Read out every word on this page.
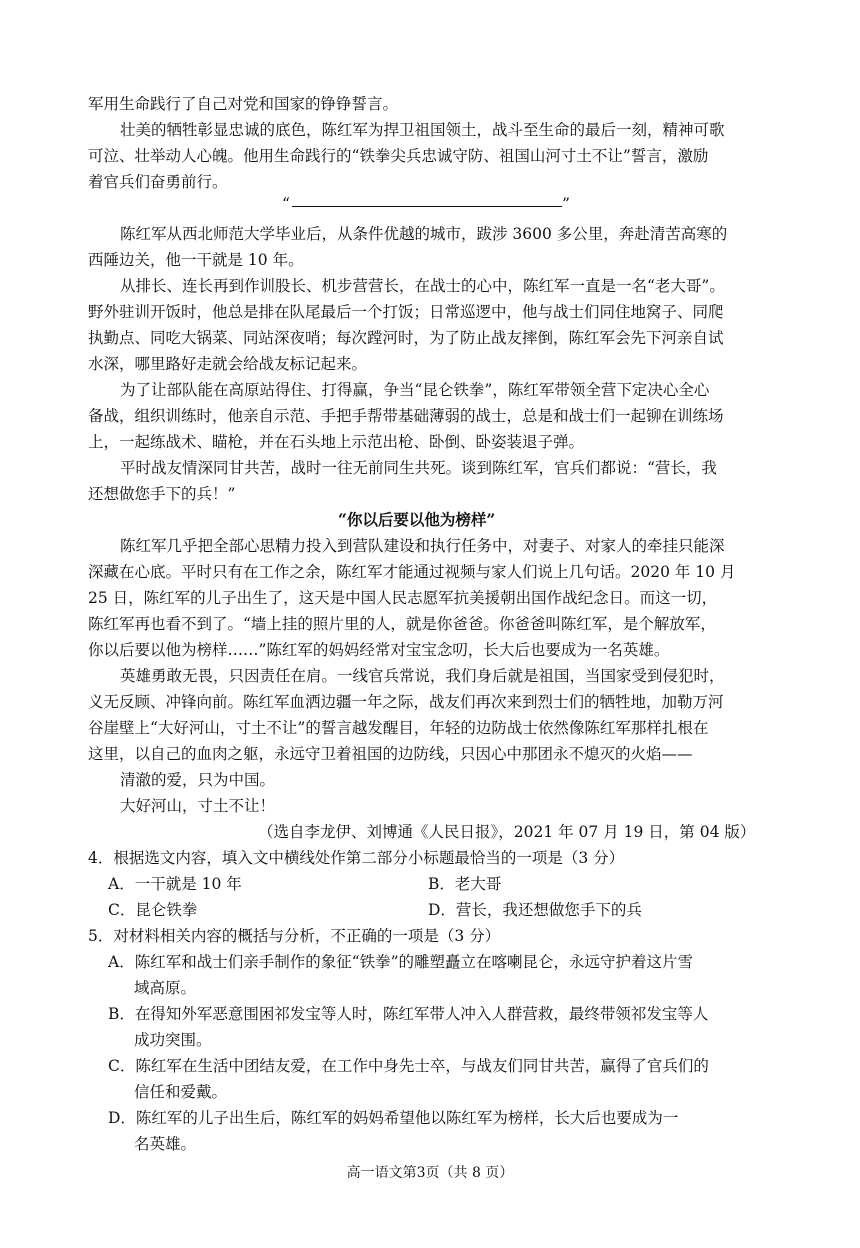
军用生命践行了自己对党和国家的铮铮誓言。
壮美的牺牲彰显忠诚的底色，陈红军为捍卫祖国领土，战斗至生命的最后一刻，精神可歌
可泣、壮举动人心魄。他用生命践行的“铁拳尖兵忠诚守防、祖国山河寸土不让”誓言，激励
着官兵们奋勇前行。
“	”
陈红军从西北师范大学毕业后，从条件优越的城市，跋涉 3600 多公里，奔赴清苦高寒的
西陲边关，他一干就是 10 年。
从排长、连长再到作训股长、机步营营长，在战士的心中，陈红军一直是一名“老大哥”。
野外驻训开饭时，他总是排在队尾最后一个打饭；日常巡逻中，他与战士们同住地窝子、同爬
执勤点、同吃大锅菜、同站深夜哨；每次蹚河时，为了防止战友摔倒，陈红军会先下河亲自试
水深，哪里路好走就会给战友标记起来。
为了让部队能在高原站得住、打得赢，争当“昆仑铁拳”，陈红军带领全营下定决心全心
备战，组织训练时，他亲自示范、手把手帮带基础薄弱的战士，总是和战士们一起铆在训练场
上，一起练战术、瞄枪，并在石头地上示范出枪、卧倒、卧姿装退子弹。
平时战友情深同甘共苦，战时一往无前同生共死。谈到陈红军，官兵们都说：“营长，我
还想做您手下的兵！”
“你以后要以他为榜样”
陈红军几乎把全部心思精力投入到营队建设和执行任务中，对妻子、对家人的牵挂只能深
深藏在心底。平时只有在工作之余，陈红军才能通过视频与家人们说上几句话。2020 年 10 月
25 日，陈红军的儿子出生了，这天是中国人民志愿军抗美援朝出国作战纪念日。而这一切，
陈红军再也看不到了。“墙上挂的照片里的人，就是你爸爸。你爸爸叫陈红军，是个解放军，
你以后要以他为榜样……”陈红军的妈妈经常对宝宝念叨，长大后也要成为一名英雄。
英雄勇敢无畏，只因责任在肩。一线官兵常说，我们身后就是祖国，当国家受到侵犯时，
义无反顾、冲锋向前。陈红军血洒边疆一年之际，战友们再次来到烈士们的牺牲地，加勒万河
谷崖壁上“大好河山，寸土不让”的誓言越发醒目，年轻的边防战士依然像陈红军那样扎根在
这里，以自己的血肉之躯，永远守卫着祖国的边防线，只因心中那团永不熄灭的火焰——
清澈的爱，只为中国。
大好河山，寸土不让！
（选自李龙伊、刘博通《人民日报》，2021 年 07 月 19 日，第 04 版）
4．根据选文内容，填入文中横线处作第二部分小标题最恰当的一项是（3 分）
A．一干就是 10 年	B．老大哥
C．昆仑铁拳	D．营长，我还想做您手下的兵
5．对材料相关内容的概括与分析，不正确的一项是（3 分）
A．陈红军和战士们亲手制作的象征“铁拳”的雕塑矗立在喀喇昆仑，永远守护着这片雪
域高原。
B．在得知外军恶意围困祁发宝等人时，陈红军带人冲入人群营救，最终带领祁发宝等人
成功突围。
C．陈红军在生活中团结友爱，在工作中身先士卒，与战友们同甘共苦，赢得了官兵们的
信任和爱戴。
D．陈红军的儿子出生后，陈红军的妈妈希望他以陈红军为榜样，长大后也要成为一
名英雄。
高一语文第3页（共 8 页）
